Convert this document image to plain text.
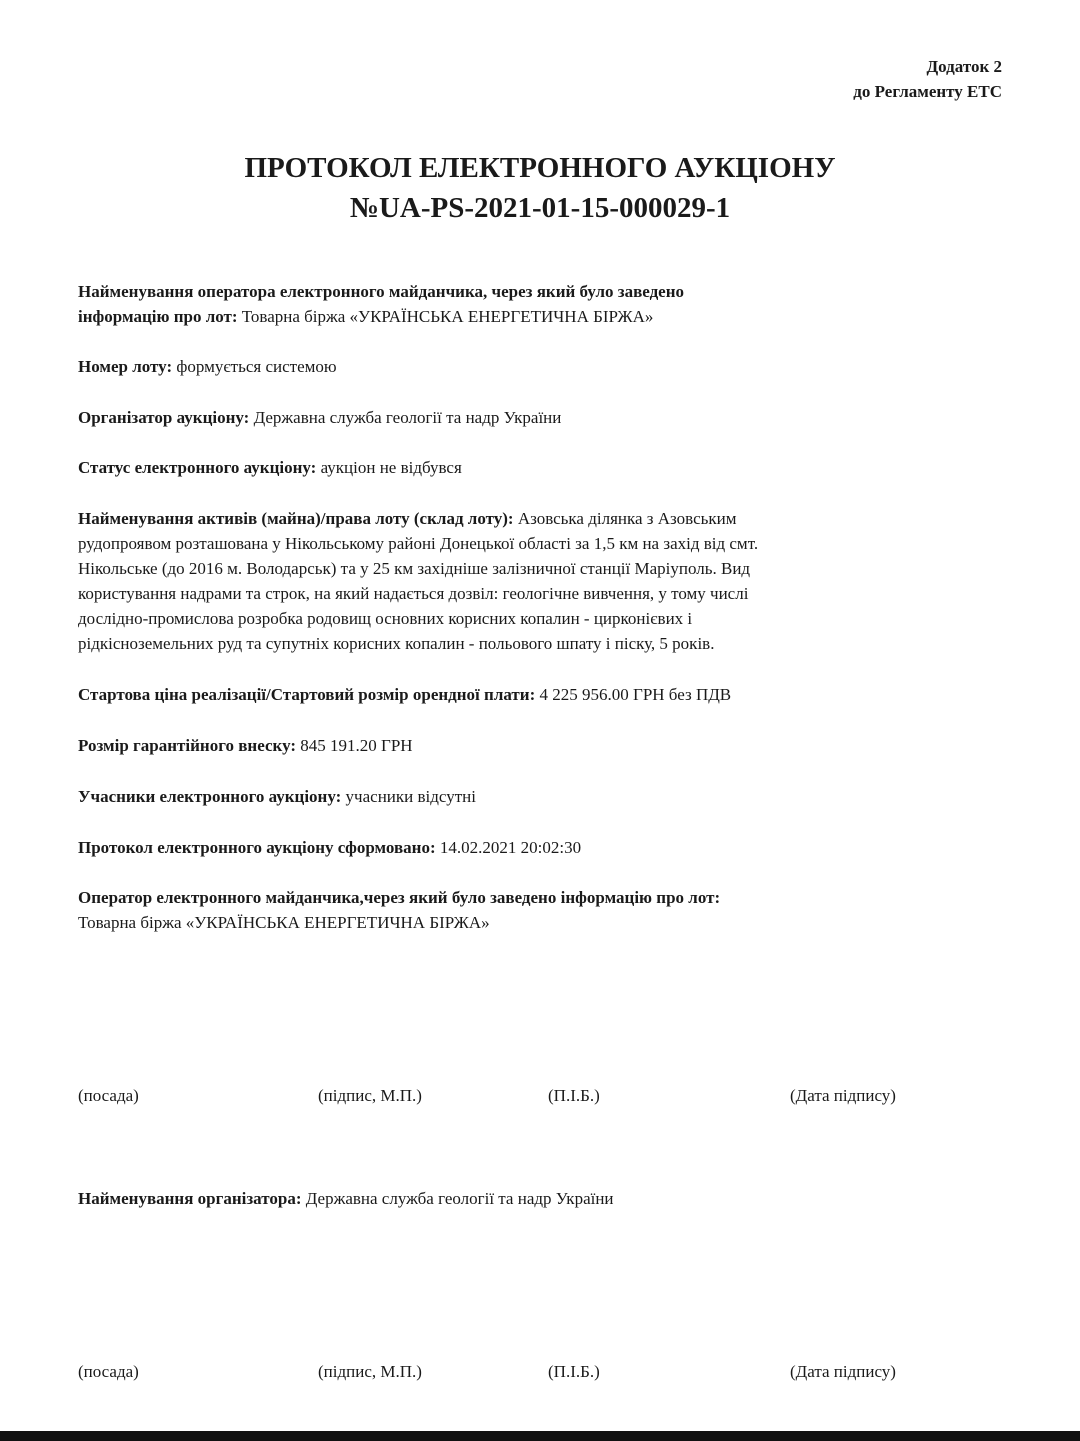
Додаток 2
до Регламенту ЕТС
ПРОТОКОЛ ЕЛЕКТРОННОГО АУКЦІОНУ
№UA-PS-2021-01-15-000029-1
Найменування оператора електронного майданчика, через який було заведено
інформацію про лот: Товарна біржа «УКРАЇНСЬКА ЕНЕРГЕТИЧНА БІРЖА»
Номер лоту: формується системою
Організатор аукціону: Державна служба геології та надр України
Статус електронного аукціону: аукціон не відбувся
Найменування активів (майна)/права лоту (склад лоту): Азовська ділянка з Азовським
рудопроявом розташована у Нікольському районі Донецької області за 1,5 км на захід від смт.
Нікольське (до 2016 м. Володарськ) та у 25 км західніше залізничної станції Маріуполь. Вид
користування надрами та строк, на який надається дозвіл: геологічне вивчення, у тому числі
дослідно-промислова розробка родовищ основних корисних копалин - цирконієвих і
рідкісноземельних руд та супутніх корисних копалин - польового шпату і піску, 5 років.
Стартова ціна реалізації/Стартовий розмір орендної плати: 4 225 956.00 ГРН без ПДВ
Розмір гарантійного внеску: 845 191.20 ГРН
Учасники електронного аукціону: учасники відсутні
Протокол електронного аукціону сформовано: 14.02.2021 20:02:30
Оператор електронного майданчика,через який було заведено інформацію про лот:
Товарна біржа «УКРАЇНСЬКА ЕНЕРГЕТИЧНА БІРЖА»
(посада)	(підпис, М.П.)	(П.І.Б.)	(Дата підпису)
Найменування організатора: Державна служба геології та надр України
(посада)	(підпис, М.П.)	(П.І.Б.)	(Дата підпису)
